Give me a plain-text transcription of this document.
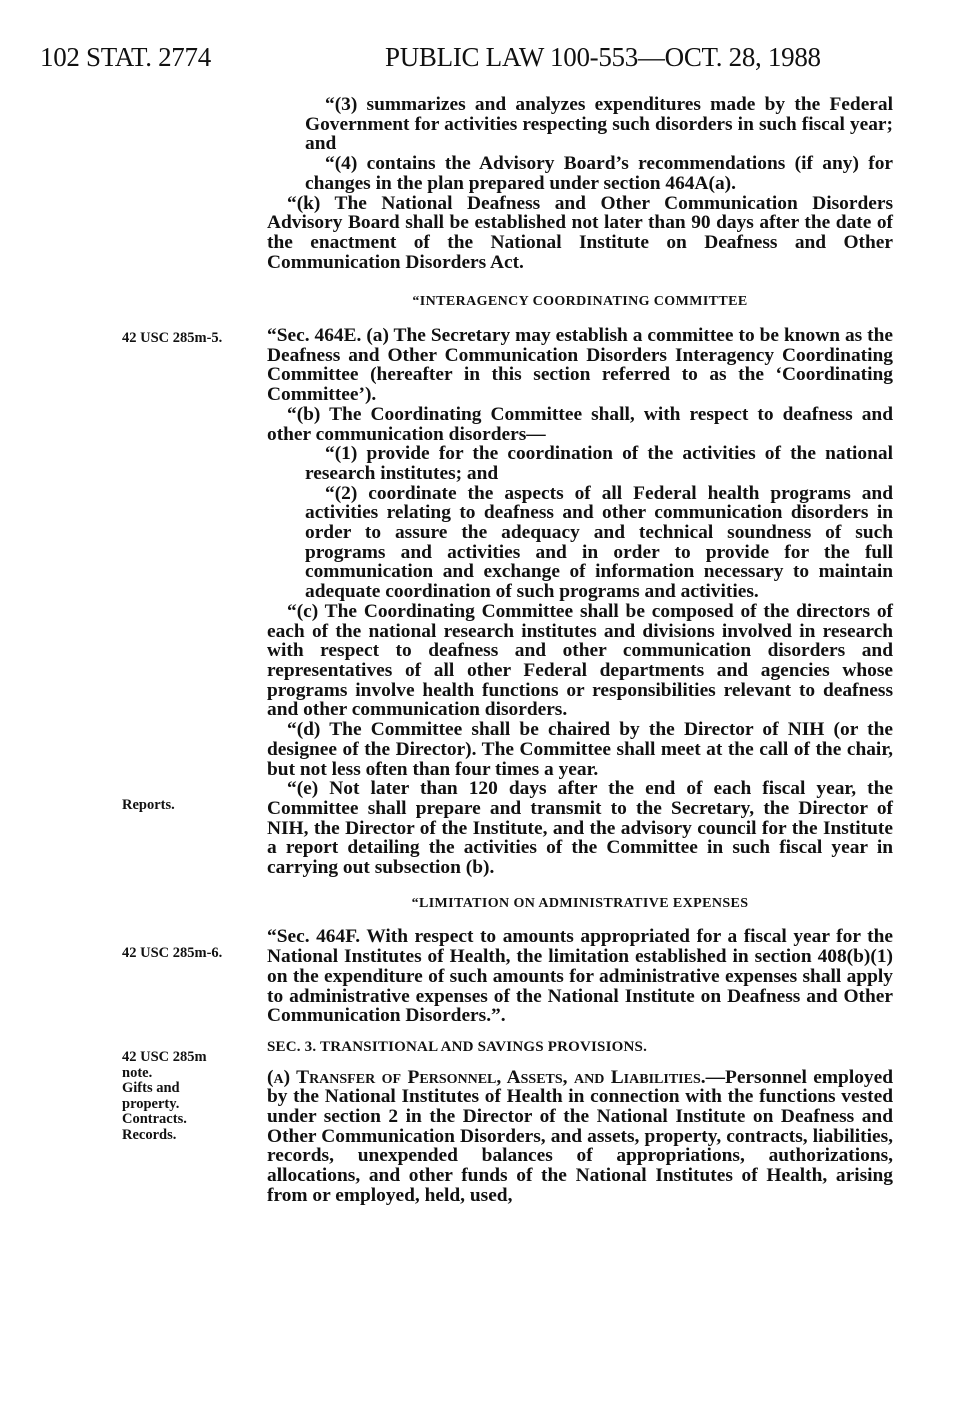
102 STAT. 2774	PUBLIC LAW 100-553—OCT. 28, 1988
42 USC 285m-5.
Reports.
42 USC 285m-6.
42 USC 285m
note.
Gifts and
property.
Contracts.
Records.

“(3) summarizes and analyzes expenditures made by the Federal Government for activities respecting such disorders in such fiscal year; and

“(4) contains the Advisory Board’s recommendations (if any) for changes in the plan prepared under section 464A(a).

“(k) The National Deafness and Other Communication Disorders Advisory Board shall be established not later than 90 days after the date of the enactment of the National Institute on Deafness and Other Communication Disorders Act.

“INTERAGENCY COORDINATING COMMITTEE

“Sec. 464E. (a) The Secretary may establish a committee to be known as the Deafness and Other Communication Disorders Interagency Coordinating Committee (hereafter in this section referred to as the ‘Coordinating Committee’).

“(b) The Coordinating Committee shall, with respect to deafness and other communication disorders—

“(1) provide for the coordination of the activities of the national research institutes; and

“(2) coordinate the aspects of all Federal health programs and activities relating to deafness and other communication disorders in order to assure the adequacy and technical soundness of such programs and activities and in order to provide for the full communication and exchange of information necessary to maintain adequate coordination of such programs and activities.

“(c) The Coordinating Committee shall be composed of the directors of each of the national research institutes and divisions involved in research with respect to deafness and other communication disorders and representatives of all other Federal departments and agencies whose programs involve health functions or responsibilities relevant to deafness and other communication disorders.

“(d) The Committee shall be chaired by the Director of NIH (or the designee of the Director). The Committee shall meet at the call of the chair, but not less often than four times a year.

“(e) Not later than 120 days after the end of each fiscal year, the Committee shall prepare and transmit to the Secretary, the Director of NIH, the Director of the Institute, and the advisory council for the Institute a report detailing the activities of the Committee in such fiscal year in carrying out subsection (b).

“LIMITATION ON ADMINISTRATIVE EXPENSES

“Sec. 464F. With respect to amounts appropriated for a fiscal year for the National Institutes of Health, the limitation established in section 408(b)(1) on the expenditure of such amounts for administrative expenses shall apply to administrative expenses of the National Institute on Deafness and Other Communication Disorders.”.

SEC. 3. TRANSITIONAL AND SAVINGS PROVISIONS.

(a) Transfer of Personnel, Assets, and Liabilities.—Personnel employed by the National Institutes of Health in connection with the functions vested under section 2 in the Director of the National Institute on Deafness and Other Communication Disorders, and assets, property, contracts, liabilities, records, unexpended balances of appropriations, authorizations, allocations, and other funds of the National Institutes of Health, arising from or employed, held, used,
